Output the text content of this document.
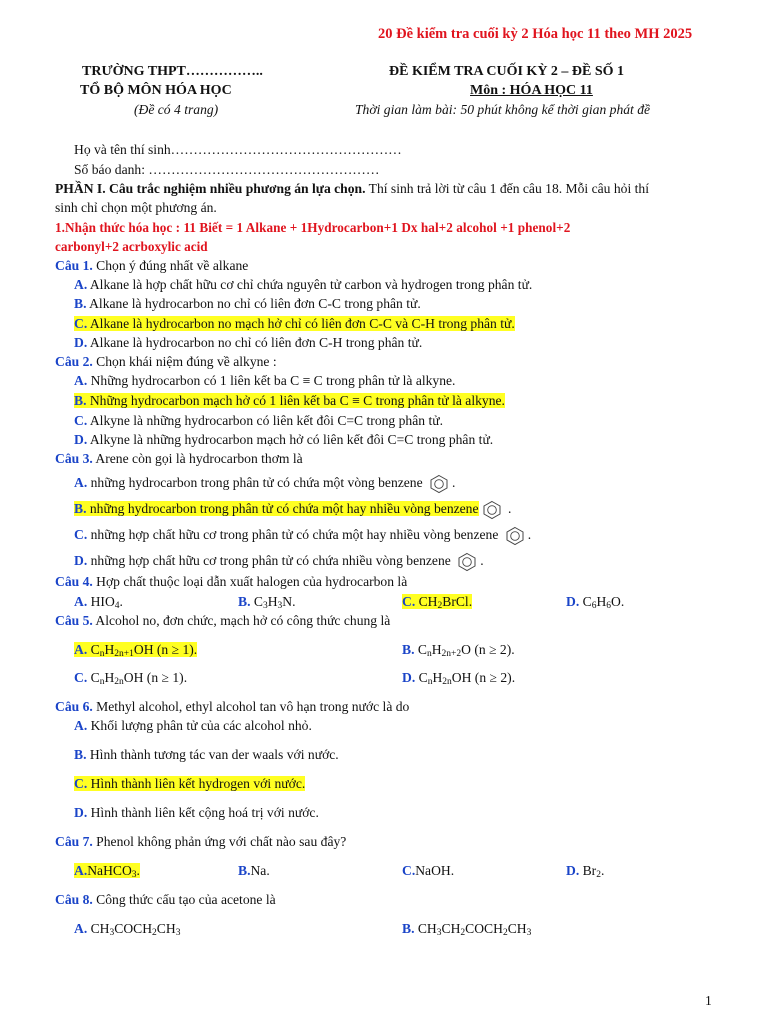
20 Đề kiểm tra cuối kỳ 2 Hóa học 11 theo MH 2025
TRƯỜNG THPT……………..
TỔ BỘ MÔN HÓA HỌC
(Đề có 4 trang)
ĐỀ KIỂM TRA CUỐI KỲ 2 – ĐỀ SỐ 1
Môn : HÓA HỌC 11
Thời gian làm bài: 50 phút không kể thời gian phát đề
Họ và tên thí sinh……………………………………………
Số báo danh: ……………………………………………
PHẦN I. Câu trắc nghiệm nhiều phương án lựa chọn. Thí sinh trả lời từ câu 1 đến câu 18. Mỗi câu hỏi thí
sinh chỉ chọn một phương án.
1.Nhận thức hóa học : 11 Biết = 1 Alkane + 1Hydrocarbon+1 Dx hal+2 alcohol +1 phenol+2
carbonyl+2 acrboxylic acid
Câu 1. Chọn ý đúng nhất về alkane
A. Alkane là hợp chất hữu cơ chỉ chứa nguyên tử carbon và hydrogen trong phân tử.
B. Alkane là hydrocarbon no chỉ có liên đơn C-C trong phân tử.
C. Alkane là hydrocarbon no mạch hở chỉ có liên đơn C-C và C-H trong phân tử.
D. Alkane là hydrocarbon no chỉ có liên đơn C-H trong phân tử.
Câu 2. Chọn khái niệm đúng về alkyne :
A. Những hydrocarbon có 1 liên kết ba C ≡ C trong phân tử là alkyne.
B. Những hydrocarbon mạch hở có 1 liên kết ba C ≡ C trong phân tử là alkyne.
C. Alkyne là những hydrocarbon có liên kết đôi C=C trong phân tử.
D. Alkyne là những hydrocarbon mạch hở có liên kết đôi C=C trong phân tử.
Câu 3. Arene còn gọi là hydrocarbon thơm là
A. những hydrocarbon trong phân tử có chứa một vòng benzene
.
B. những hydrocarbon trong phân tử có chứa một hay nhiều vòng benzene .
C. những hợp chất hữu cơ trong phân tử có chứa một hay nhiều vòng benzene
.
D. những hợp chất hữu cơ trong phân tử có chứa nhiều vòng benzene
.
Câu 4. Hợp chất thuộc loại dẫn xuất halogen của hydrocarbon là
A. $HIO_4$.	B. $C_3H_3N$.	C. $CH_2BrCl$.	D. $C_6H_6O$.
Câu 5. Alcohol no, đơn chức, mạch hở có công thức chung là
A. $C_nH_{2n+1}OH$ (n ≥ 1).	B. $C_nH_{2n+2}O$ (n ≥ 2).
C. $C_nH_{2n}OH$ (n ≥ 1).	D. $C_nH_{2n}OH$ (n ≥ 2).
Câu 6. Methyl alcohol, ethyl alcohol tan vô hạn trong nước là do
A. Khối lượng phân tử của các alcohol nhỏ.
B. Hình thành tương tác van der waals với nước.
C. Hình thành liên kết hydrogen với nước.
D. Hình thành liên kết cộng hoá trị với nước.
Câu 7. Phenol không phản ứng với chất nào sau đây?
A.NaHCO$_3$.	B.Na.	C.NaOH.	D. $Br_2$.
Câu 8. Công thức cấu tạo của acetone là
A. $CH_3COCH_2CH_3$	B. $CH_3CH_2COCH_2CH_3$
1
